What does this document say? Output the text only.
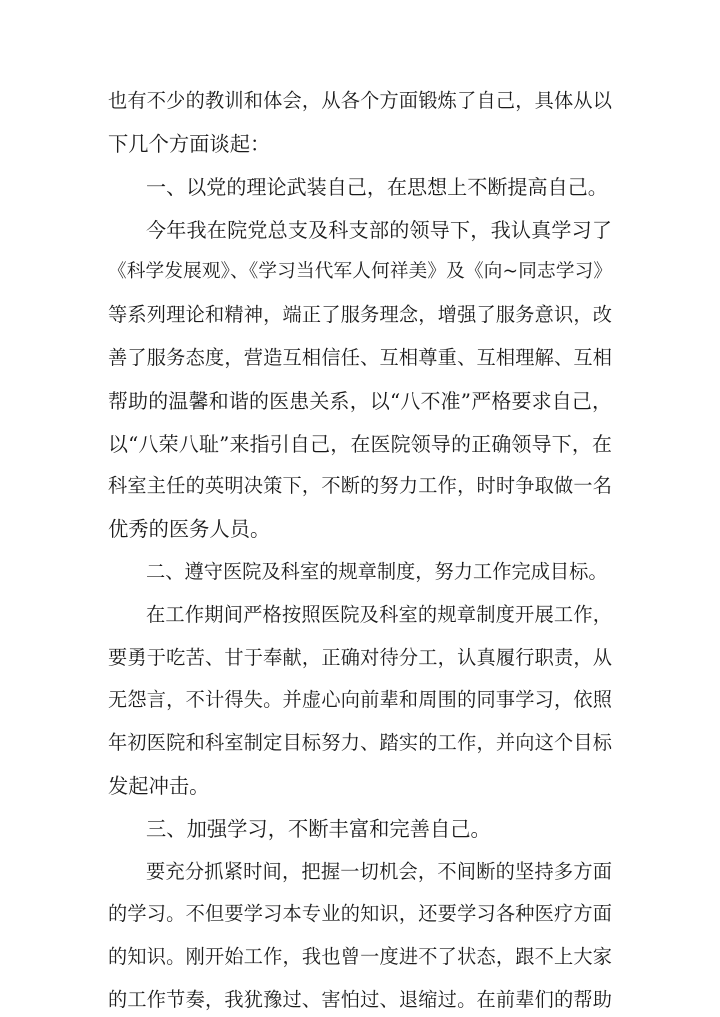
也有不少的教训和体会，从各个方面锻炼了自己，具体从以

下几个方面谈起：

一、以党的理论武装自己，在思想上不断提高自己。

今年我在院党总支及科支部的领导下，我认真学习了

《科学发展观》、《学习当代军人何祥美》及《向~同志学习》

等系列理论和精神，端正了服务理念，增强了服务意识，改

善了服务态度，营造互相信任、互相尊重、互相理解、互相

帮助的温馨和谐的医患关系，以“八不准”严格要求自己，

以“八荣八耻”来指引自己，在医院领导的正确领导下，在

科室主任的英明决策下，不断的努力工作，时时争取做一名

优秀的医务人员。

二、遵守医院及科室的规章制度，努力工作完成目标。

在工作期间严格按照医院及科室的规章制度开展工作，

要勇于吃苦、甘于奉献，正确对待分工，认真履行职责，从

无怨言，不计得失。并虚心向前辈和周围的同事学习，依照

年初医院和科室制定目标努力、踏实的工作，并向这个目标

发起冲击。

三、加强学习，不断丰富和完善自己。

要充分抓紧时间，把握一切机会，不间断的坚持多方面

的学习。不但要学习本专业的知识，还要学习各种医疗方面

的知识。刚开始工作，我也曾一度进不了状态，跟不上大家

的工作节奏，我犹豫过、害怕过、退缩过。在前辈们的帮助
